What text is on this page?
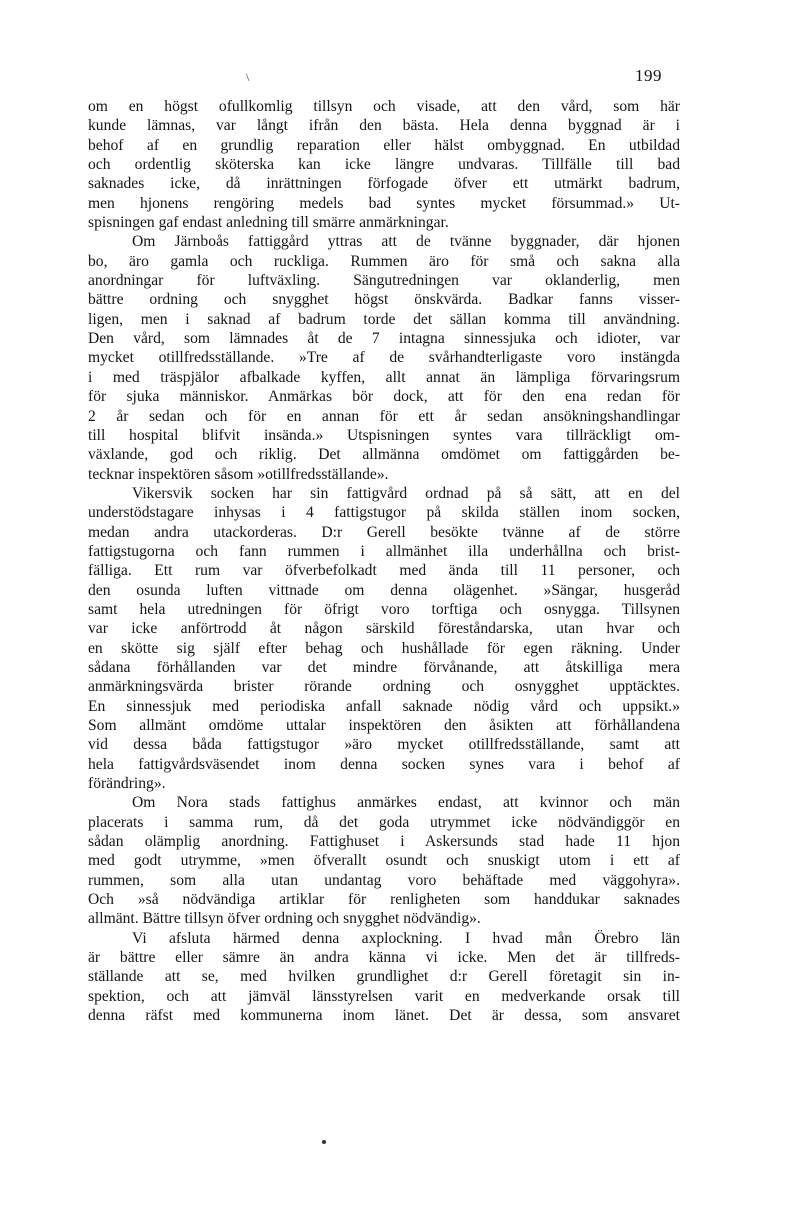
\	199
om en högst ofullkomlig tillsyn och visade, att den vård, som här
kunde lämnas, var långt ifrån den bästa. Hela denna byggnad är i
behof af en grundlig reparation eller hälst ombyggnad. En utbildad
och ordentlig sköterska kan icke längre undvaras. Tillfälle till bad
saknades icke, då inrättningen förfogade öfver ett utmärkt badrum,
men hjonens rengöring medels bad syntes mycket försummad.» Ut-
spisningen gaf endast anledning till smärre anmärkningar.
Om Järnboås fattiggård yttras att de tvänne byggnader, där hjonen
bo, äro gamla och ruckliga. Rummen äro för små och sakna alla
anordningar för luftväxling. Sängutredningen var oklanderlig, men
bättre ordning och snygghet högst önskvärda. Badkar fanns visser-
ligen, men i saknad af badrum torde det sällan komma till användning.
Den vård, som lämnades åt de 7 intagna sinnessjuka och idioter, var
mycket otillfredsställande. »Tre af de svårhandterligaste voro instängda
i med träspjälor afbalkade kyffen, allt annat än lämpliga förvaringsrum
för sjuka människor. Anmärkas bör dock, att för den ena redan för
2 år sedan och för en annan för ett år sedan ansökningshandlingar
till hospital blifvit insända.» Utspisningen syntes vara tillräckligt om-
växlande, god och riklig. Det allmänna omdömet om fattiggården be-
tecknar inspektören såsom »otillfredsställande».
Vikersvik socken har sin fattigvård ordnad på så sätt, att en del
understödstagare inhysas i 4 fattigstugor på skilda ställen inom socken,
medan andra utackorderas. D:r Gerell besökte tvänne af de större
fattigstugorna och fann rummen i allmänhet illa underhållna och brist-
fälliga. Ett rum var öfverbefolkadt med ända till 11 personer, och
den osunda luften vittnade om denna olägenhet. »Sängar, husgeråd
samt hela utredningen för öfrigt voro torftiga och osnygga. Tillsynen
var icke anförtrodd åt någon särskild föreståndarska, utan hvar och
en skötte sig själf efter behag och hushållade för egen räkning. Under
sådana förhållanden var det mindre förvånande, att åtskilliga mera
anmärkningsvärda brister rörande ordning och osnygghet upptäcktes.
En sinnessjuk med periodiska anfall saknade nödig vård och uppsikt.»
Som allmänt omdöme uttalar inspektören den åsikten att förhållandena
vid dessa båda fattigstugor »äro mycket otillfredsställande, samt att
hela fattigvårdsväsendet inom denna socken synes vara i behof af
förändring».
Om Nora stads fattighus anmärkes endast, att kvinnor och män
placerats i samma rum, då det goda utrymmet icke nödvändiggör en
sådan olämplig anordning. Fattighuset i Askersunds stad hade 11 hjon
med godt utrymme, »men öfverallt osundt och snuskigt utom i ett af
rummen, som alla utan undantag voro behäftade med väggohyra».
Och »så nödvändiga artiklar för renligheten som handdukar saknades
allmänt. Bättre tillsyn öfver ordning och snygghet nödvändig».
Vi afsluta härmed denna axplockning. I hvad mån Örebro län
är bättre eller sämre än andra känna vi icke. Men det är tillfreds-
ställande att se, med hvilken grundlighet d:r Gerell företagit sin in-
spektion, och att jämväl länsstyrelsen varit en medverkande orsak till
denna räfst med kommunerna inom länet. Det är dessa, som ansvaret
